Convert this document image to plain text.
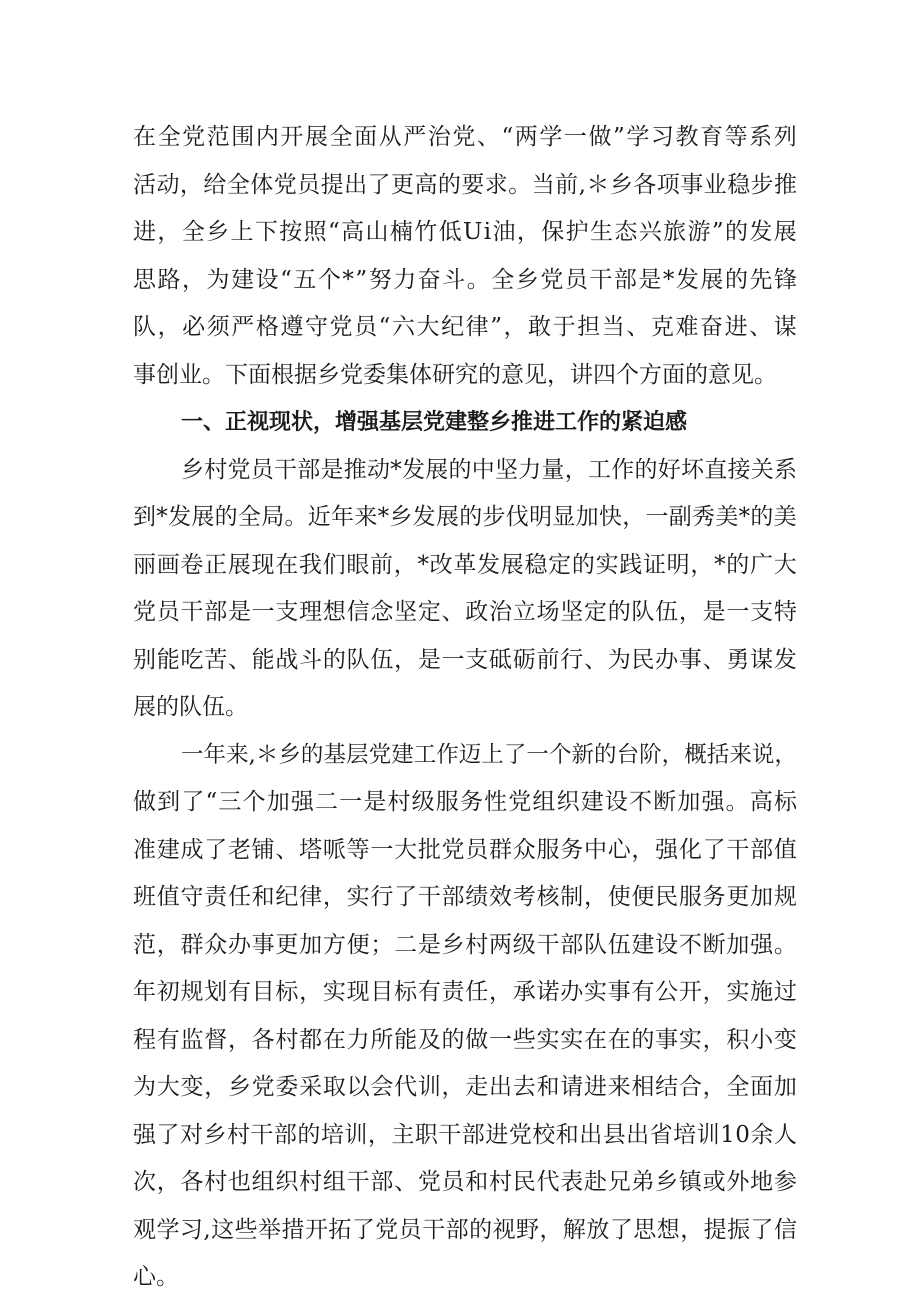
在 全 党 范 围 内 开 展 全 面 从 严 治 党 、 “ 两 学 一 做 ” 学 习 教 育 等 系 列
活 动 ， 给 全 体 党 员 提 出 了 更 高 的 要 求 。 当 前 , ＊ 乡 各 项 事 业 稳 步 推
进 ， 全 乡 上 下 按 照 “ 高 山 楠 竹 低 U i 油 ， 保 护 生 态 兴 旅 游 ” 的 发 展
思 路 ， 为 建 设 “ 五 个 * ” 努 力 奋 斗 。 全 乡 党 员 干 部 是 * 发 展 的 先 锋
队 ， 必 须 严 格 遵 守 党 员 “ 六 大 纪 律 ” ， 敢 于 担 当 、 克 难 奋 进 、 谋
事创业。下面根据乡党委集体研究的意见，讲四个方面的意见。
一、正视现状，增强基层党建整乡推进工作的紧迫感
乡 村 党 员 干 部 是 推 动 * 发 展 的 中 坚 力 量 ， 工 作 的 好 坏 直 接 关 系
到 * 发 展 的 全 局 。 近 年 来 * 乡 发 展 的 步 伐 明 显 加 快 ， 一 副 秀 美 * 的 美
丽 画 卷 正 展 现 在 我 们 眼 前 ， * 改 革 发 展 稳 定 的 实 践 证 明 ， * 的 广 大
党 员 干 部 是 一 支 理 想 信 念 坚 定 、 政 治 立 场 坚 定 的 队 伍 ， 是 一 支 特
别 能 吃 苦 、 能 战 斗 的 队 伍 ， 是 一 支 砥 砺 前 行 、 为 民 办 事 、 勇 谋 发
展的队伍。
一 年 来 , ＊ 乡 的 基 层 党 建 工 作 迈 上 了 一 个 新 的 台 阶 ， 概 括 来 说 ，
做 到 了 “ 三 个 加 强 二 一 是 村 级 服 务 性 党 组 织 建 设 不 断 加 强 。 高 标
准 建 成 了 老 铺 、 塔 哌 等 一 大 批 党 员 群 众 服 务 中 心 ， 强 化 了 干 部 值
班 值 守 责 任 和 纪 律 ， 实 行 了 干 部 绩 效 考 核 制 ， 使 便 民 服 务 更 加 规
范 ， 群 众 办 事 更 加 方 便 ； 二 是 乡 村 两 级 干 部 队 伍 建 设 不 断 加 强 。
年 初 规 划 有 目 标 ， 实 现 目 标 有 责 任 ， 承 诺 办 实 事 有 公 开 ， 实 施 过
程 有 监 督 ， 各 村 都 在 力 所 能 及 的 做 一 些 实 实 在 在 的 事 实 ， 积 小 变
为 大 变 ， 乡 党 委 采 取 以 会 代 训 ， 走 出 去 和 请 进 来 相 结 合 ， 全 面 加
强 了 对 乡 村 干 部 的 培 训 ， 主 职 干 部 进 党 校 和 出 县 出 省 培 训 1 0 余 人
次 ， 各 村 也 组 织 村 组 干 部 、 党 员 和 村 民 代 表 赴 兄 弟 乡 镇 或 外 地 参
观 学 习 , 这 些 举 措 开 拓 了 党 员 干 部 的 视 野 ， 解 放 了 思 想 ， 提 振 了 信
心。
